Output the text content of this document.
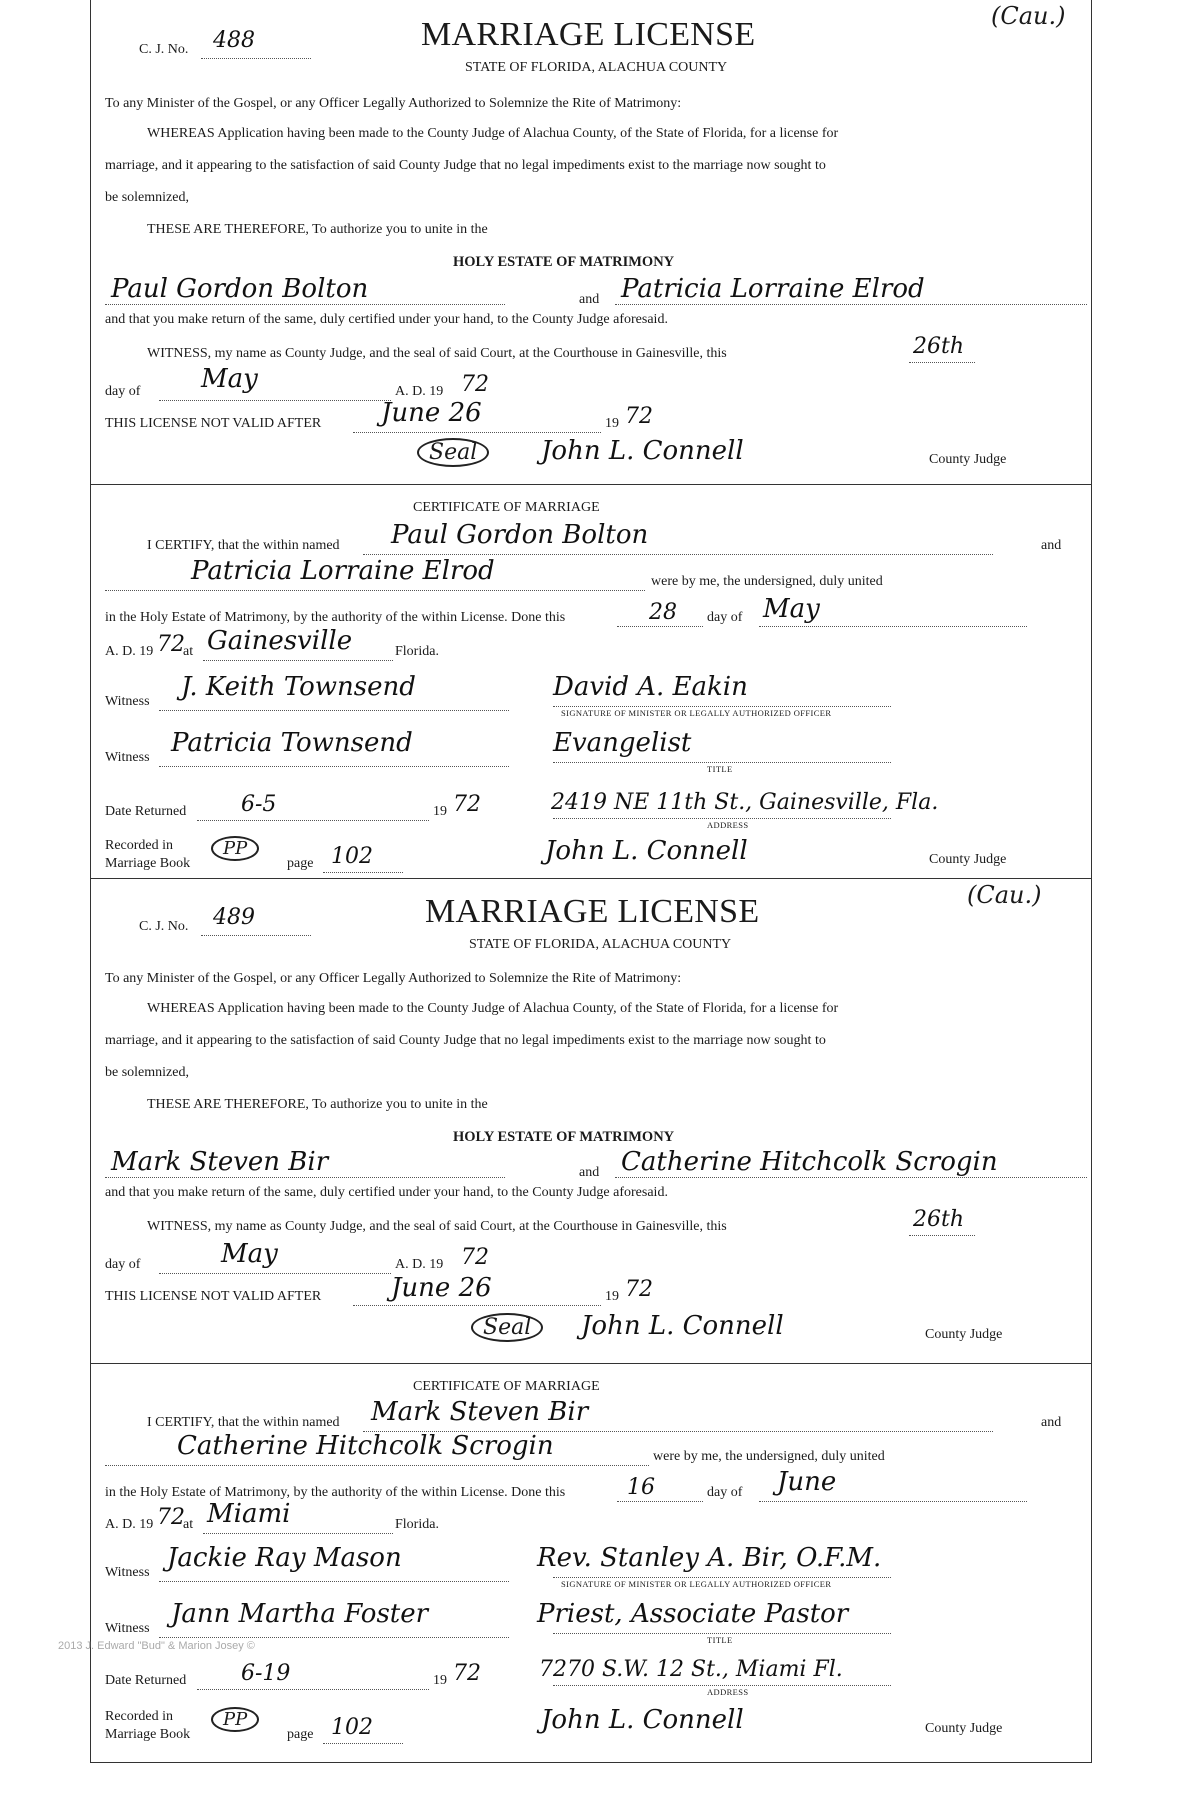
C. J. No. 488	MARRIAGE LICENSE
STATE OF FLORIDA, ALACHUA COUNTY
(Cau.)
To any Minister of the Gospel, or any Officer Legally Authorized to Solemnize the Rite of Matrimony:
WHEREAS Application having been made to the County Judge of Alachua County, of the State of Florida, for a license for
marriage, and it appearing to the satisfaction of said County Judge that no legal impediments exist to the marriage now sought to
be solemnized,
THESE ARE THEREFORE, To authorize you to unite in the
HOLY ESTATE OF MATRIMONY
Paul Gordon Bolton	and Patricia Lorraine Elrod
and that you make return of the same, duly certified under your hand, to the County Judge aforesaid.
WITNESS, my name as County Judge, and the seal of said Court, at the Courthouse in Gainesville, this	26th
day of May	A. D. 19 72
THIS LICENSE NOT VALID AFTER June 26	19 72
Seal	John L. Connell	County Judge
CERTIFICATE OF MARRIAGE
I CERTIFY, that the within named Paul Gordon Bolton	and
Patricia Lorraine Elrod	were by me, the undersigned, duly united
in the Holy Estate of Matrimony, by the authority of the within License. Done this	28 day of May
A. D. 19 72
at Gainesville	Florida.
Witness J. Keith Townsend	David A. Eakin
SIGNATURE OF MINISTER OR LEGALLY AUTHORIZED OFFICER
Witness Patricia Townsend	Evangelist
TITLE
Date Returned 6-5	19 72	2419 NE 11th St., Gainesville, Fla.
ADDRESS
Recorded in
Marriage Book
PP
page 102	John L. Connell	County Judge
C. J. No. 489	MARRIAGE LICENSE
STATE OF FLORIDA, ALACHUA COUNTY
(Cau.)
To any Minister of the Gospel, or any Officer Legally Authorized to Solemnize the Rite of Matrimony:
WHEREAS Application having been made to the County Judge of Alachua County, of the State of Florida, for a license for
marriage, and it appearing to the satisfaction of said County Judge that no legal impediments exist to the marriage now sought to
be solemnized,
THESE ARE THEREFORE, To authorize you to unite in the
HOLY ESTATE OF MATRIMONY
Mark Steven Bir	and Catherine Hitchcolk Scrogin
and that you make return of the same, duly certified under your hand, to the County Judge aforesaid.
WITNESS, my name as County Judge, and the seal of said Court, at the Courthouse in Gainesville, this	26th
day of	May	A. D. 19 72
THIS LICENSE NOT VALID AFTER	June 26	19 72
Seal	John L. Connell	County Judge
CERTIFICATE OF MARRIAGE
I CERTIFY, that the within named Mark Steven Bir	and
Catherine Hitchcolk Scrogin	were by me, the undersigned, duly united
in the Holy Estate of Matrimony, by the authority of the within License. Done this	16	day of June
A. D. 19 72
at Miami	Florida.
Witness Jackie Ray Mason	Rev. Stanley A. Bir, O.F.M.
SIGNATURE OF MINISTER OR LEGALLY AUTHORIZED OFFICER
Witness Jann Martha Foster	Priest, Associate Pastor
TITLE
Date Returned 6-19	19 72	7270 S.W. 12 St., Miami Fl.
ADDRESS
Recorded in
Marriage Book
PP
page 102	John L. Connell	County Judge
2013 J. Edward "Bud" & Marion Josey ©
